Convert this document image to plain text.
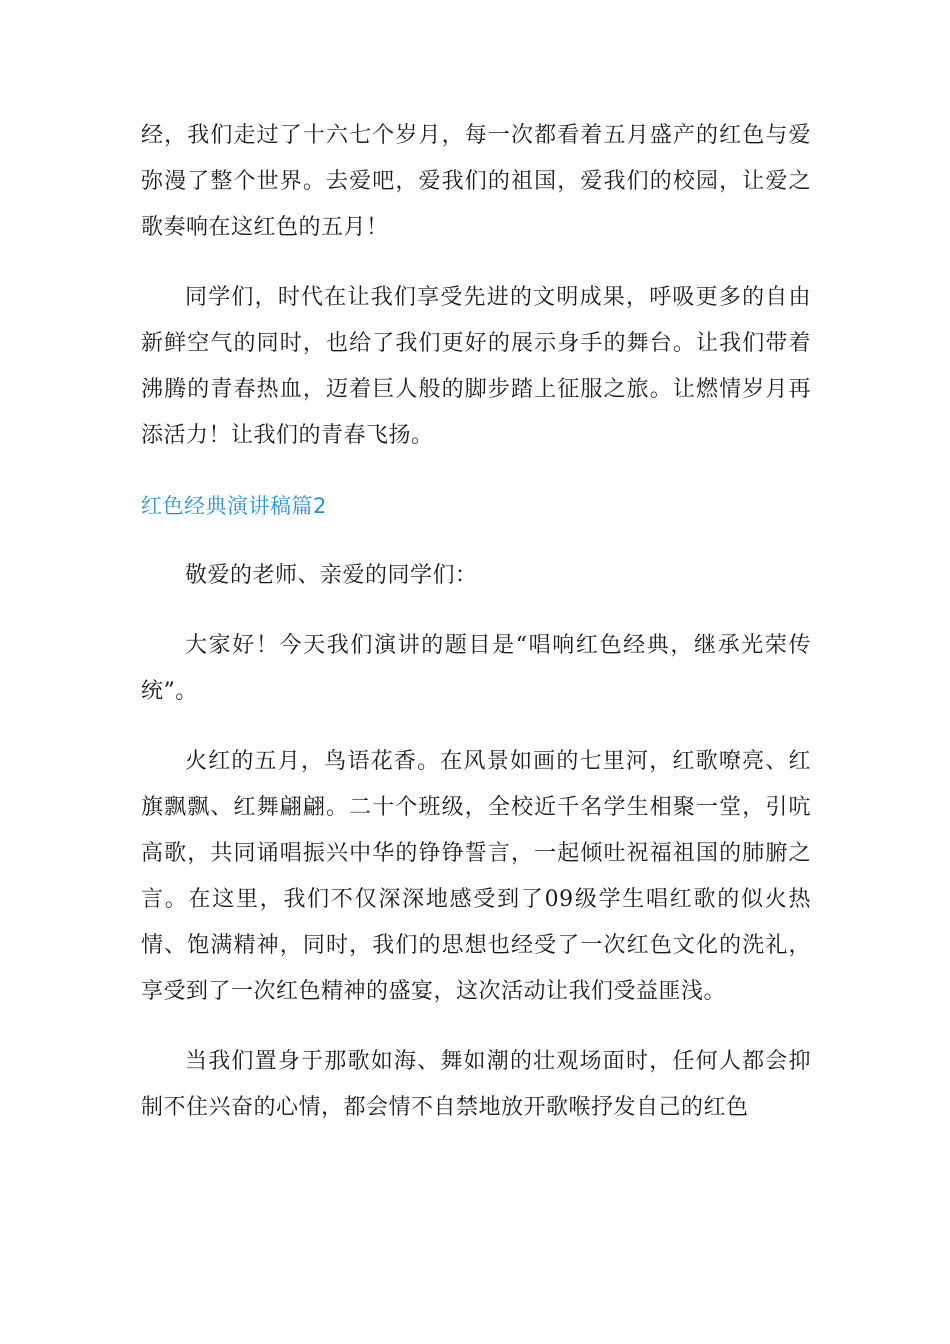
经，我们走过了十六七个岁月，每一次都看着五月盛产的红色与爱弥漫了整个世界。去爱吧，爱我们的祖国，爱我们的校园，让爱之歌奏响在这红色的五月！

同学们，时代在让我们享受先进的文明成果，呼吸更多的自由新鲜空气的同时，也给了我们更好的展示身手的舞台。让我们带着沸腾的青春热血，迈着巨人般的脚步踏上征服之旅。让燃情岁月再添活力！让我们的青春飞扬。

红色经典演讲稿篇2

敬爱的老师、亲爱的同学们：

大家好！今天我们演讲的题目是“唱响红色经典，继承光荣传统”。

火红的五月，鸟语花香。在风景如画的七里河，红歌嘹亮、红旗飘飘、红舞翩翩。二十个班级，全校近千名学生相聚一堂，引吭高歌，共同诵唱振兴中华的铮铮誓言，一起倾吐祝福祖国的肺腑之言。在这里，我们不仅深深地感受到了09级学生唱红歌的似火热情、饱满精神，同时，我们的思想也经受了一次红色文化的洗礼，享受到了一次红色精神的盛宴，这次活动让我们受益匪浅。

当我们置身于那歌如海、舞如潮的壮观场面时，任何人都会抑制不住兴奋的心情，都会情不自禁地放开歌喉抒发自己的红色
